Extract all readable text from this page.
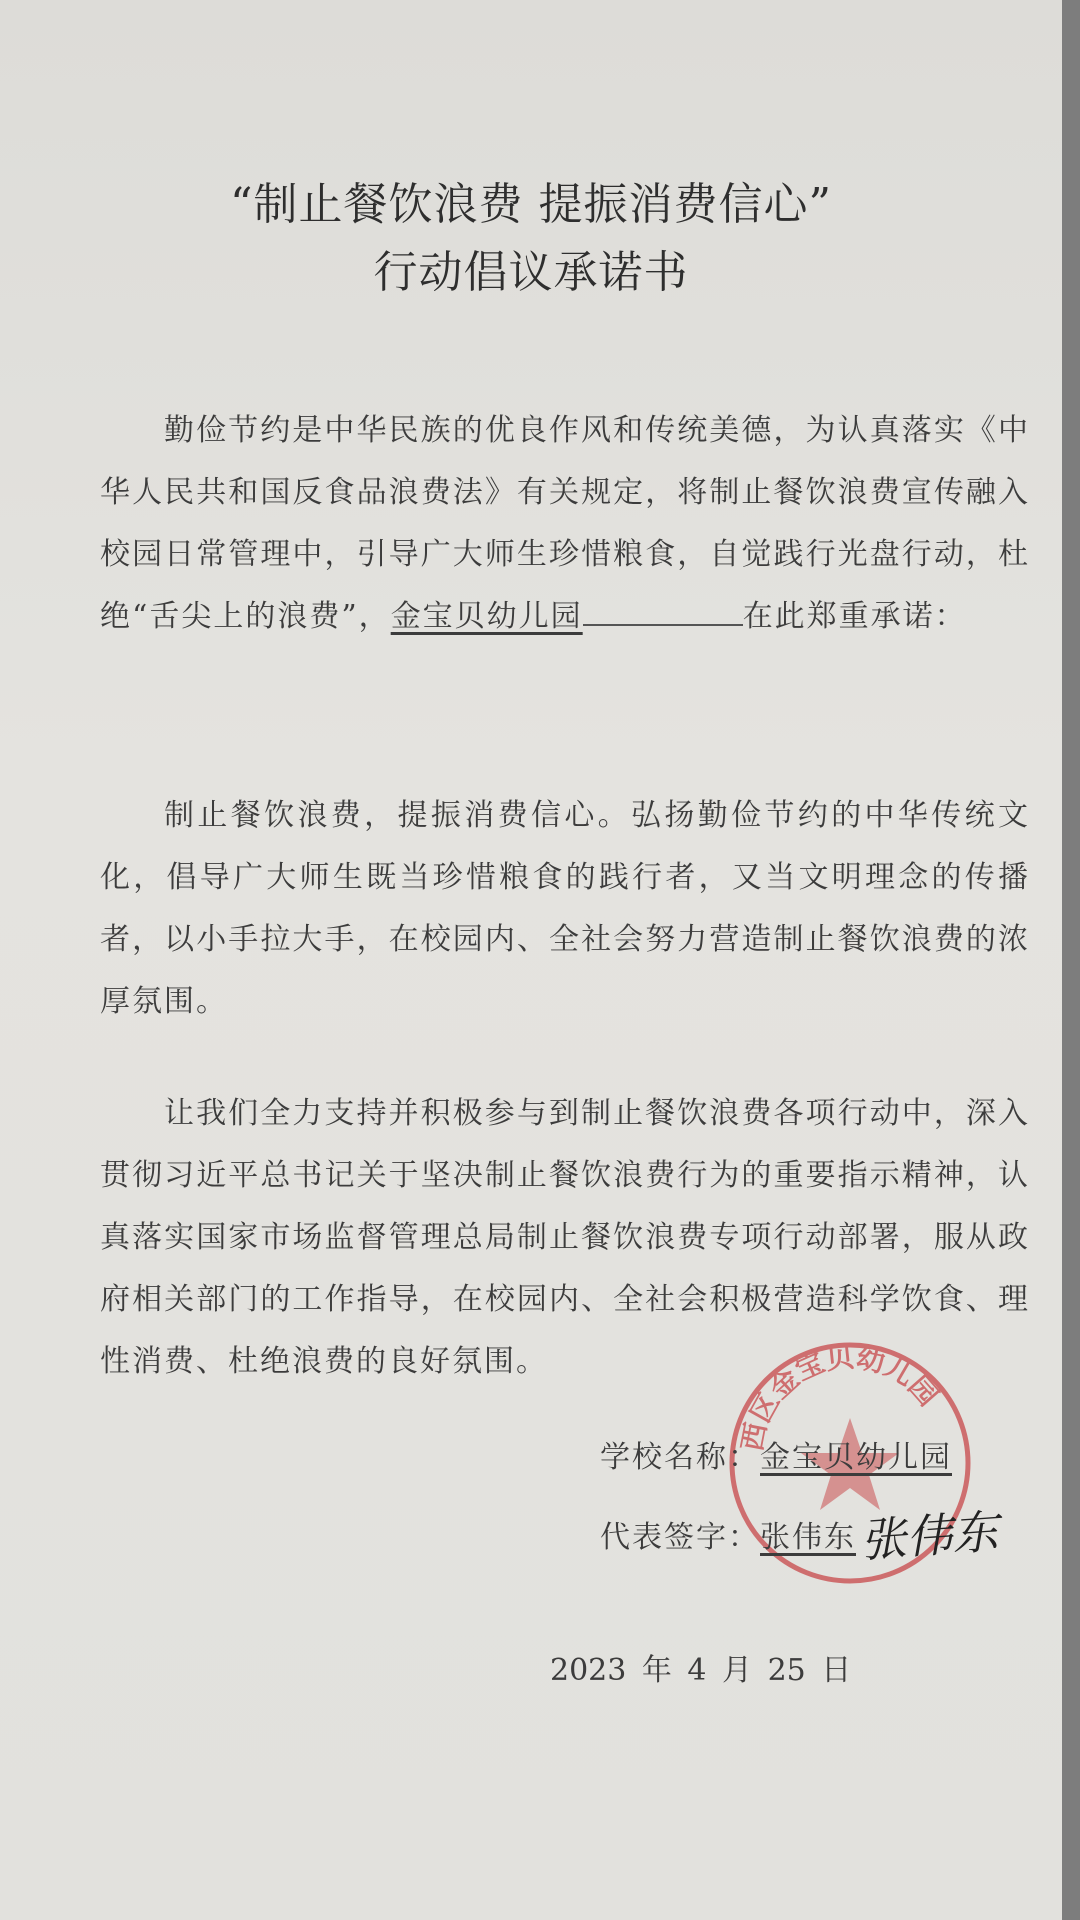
“制止餐饮浪费 提振消费信心”
行动倡议承诺书
勤俭节约是中华民族的优良作风和传统美德，为认真落实《中华人民共和国反食品浪费法》有关规定，将制止餐饮浪费宣传融入校园日常管理中，引导广大师生珍惜粮食，自觉践行光盘行动，杜绝“舌尖上的浪费”，金宝贝幼儿园	在此郑重承诺：
制止餐饮浪费，提振消费信心。弘扬勤俭节约的中华传统文化，倡导广大师生既当珍惜粮食的践行者，又当文明理念的传播者，以小手拉大手，在校园内、全社会努力营造制止餐饮浪费的浓厚氛围。
让我们全力支持并积极参与到制止餐饮浪费各项行动中，深入贯彻习近平总书记关于坚决制止餐饮浪费行为的重要指示精神，认真落实国家市场监督管理总局制止餐饮浪费专项行动部署，服从政府相关部门的工作指导，在校园内、全社会积极营造科学饮食、理性消费、杜绝浪费的良好氛围。
西区金宝贝幼儿园
学校名称：金宝贝幼儿园
代表签字：张伟东 张伟东
2023 年 4 月 25 日
